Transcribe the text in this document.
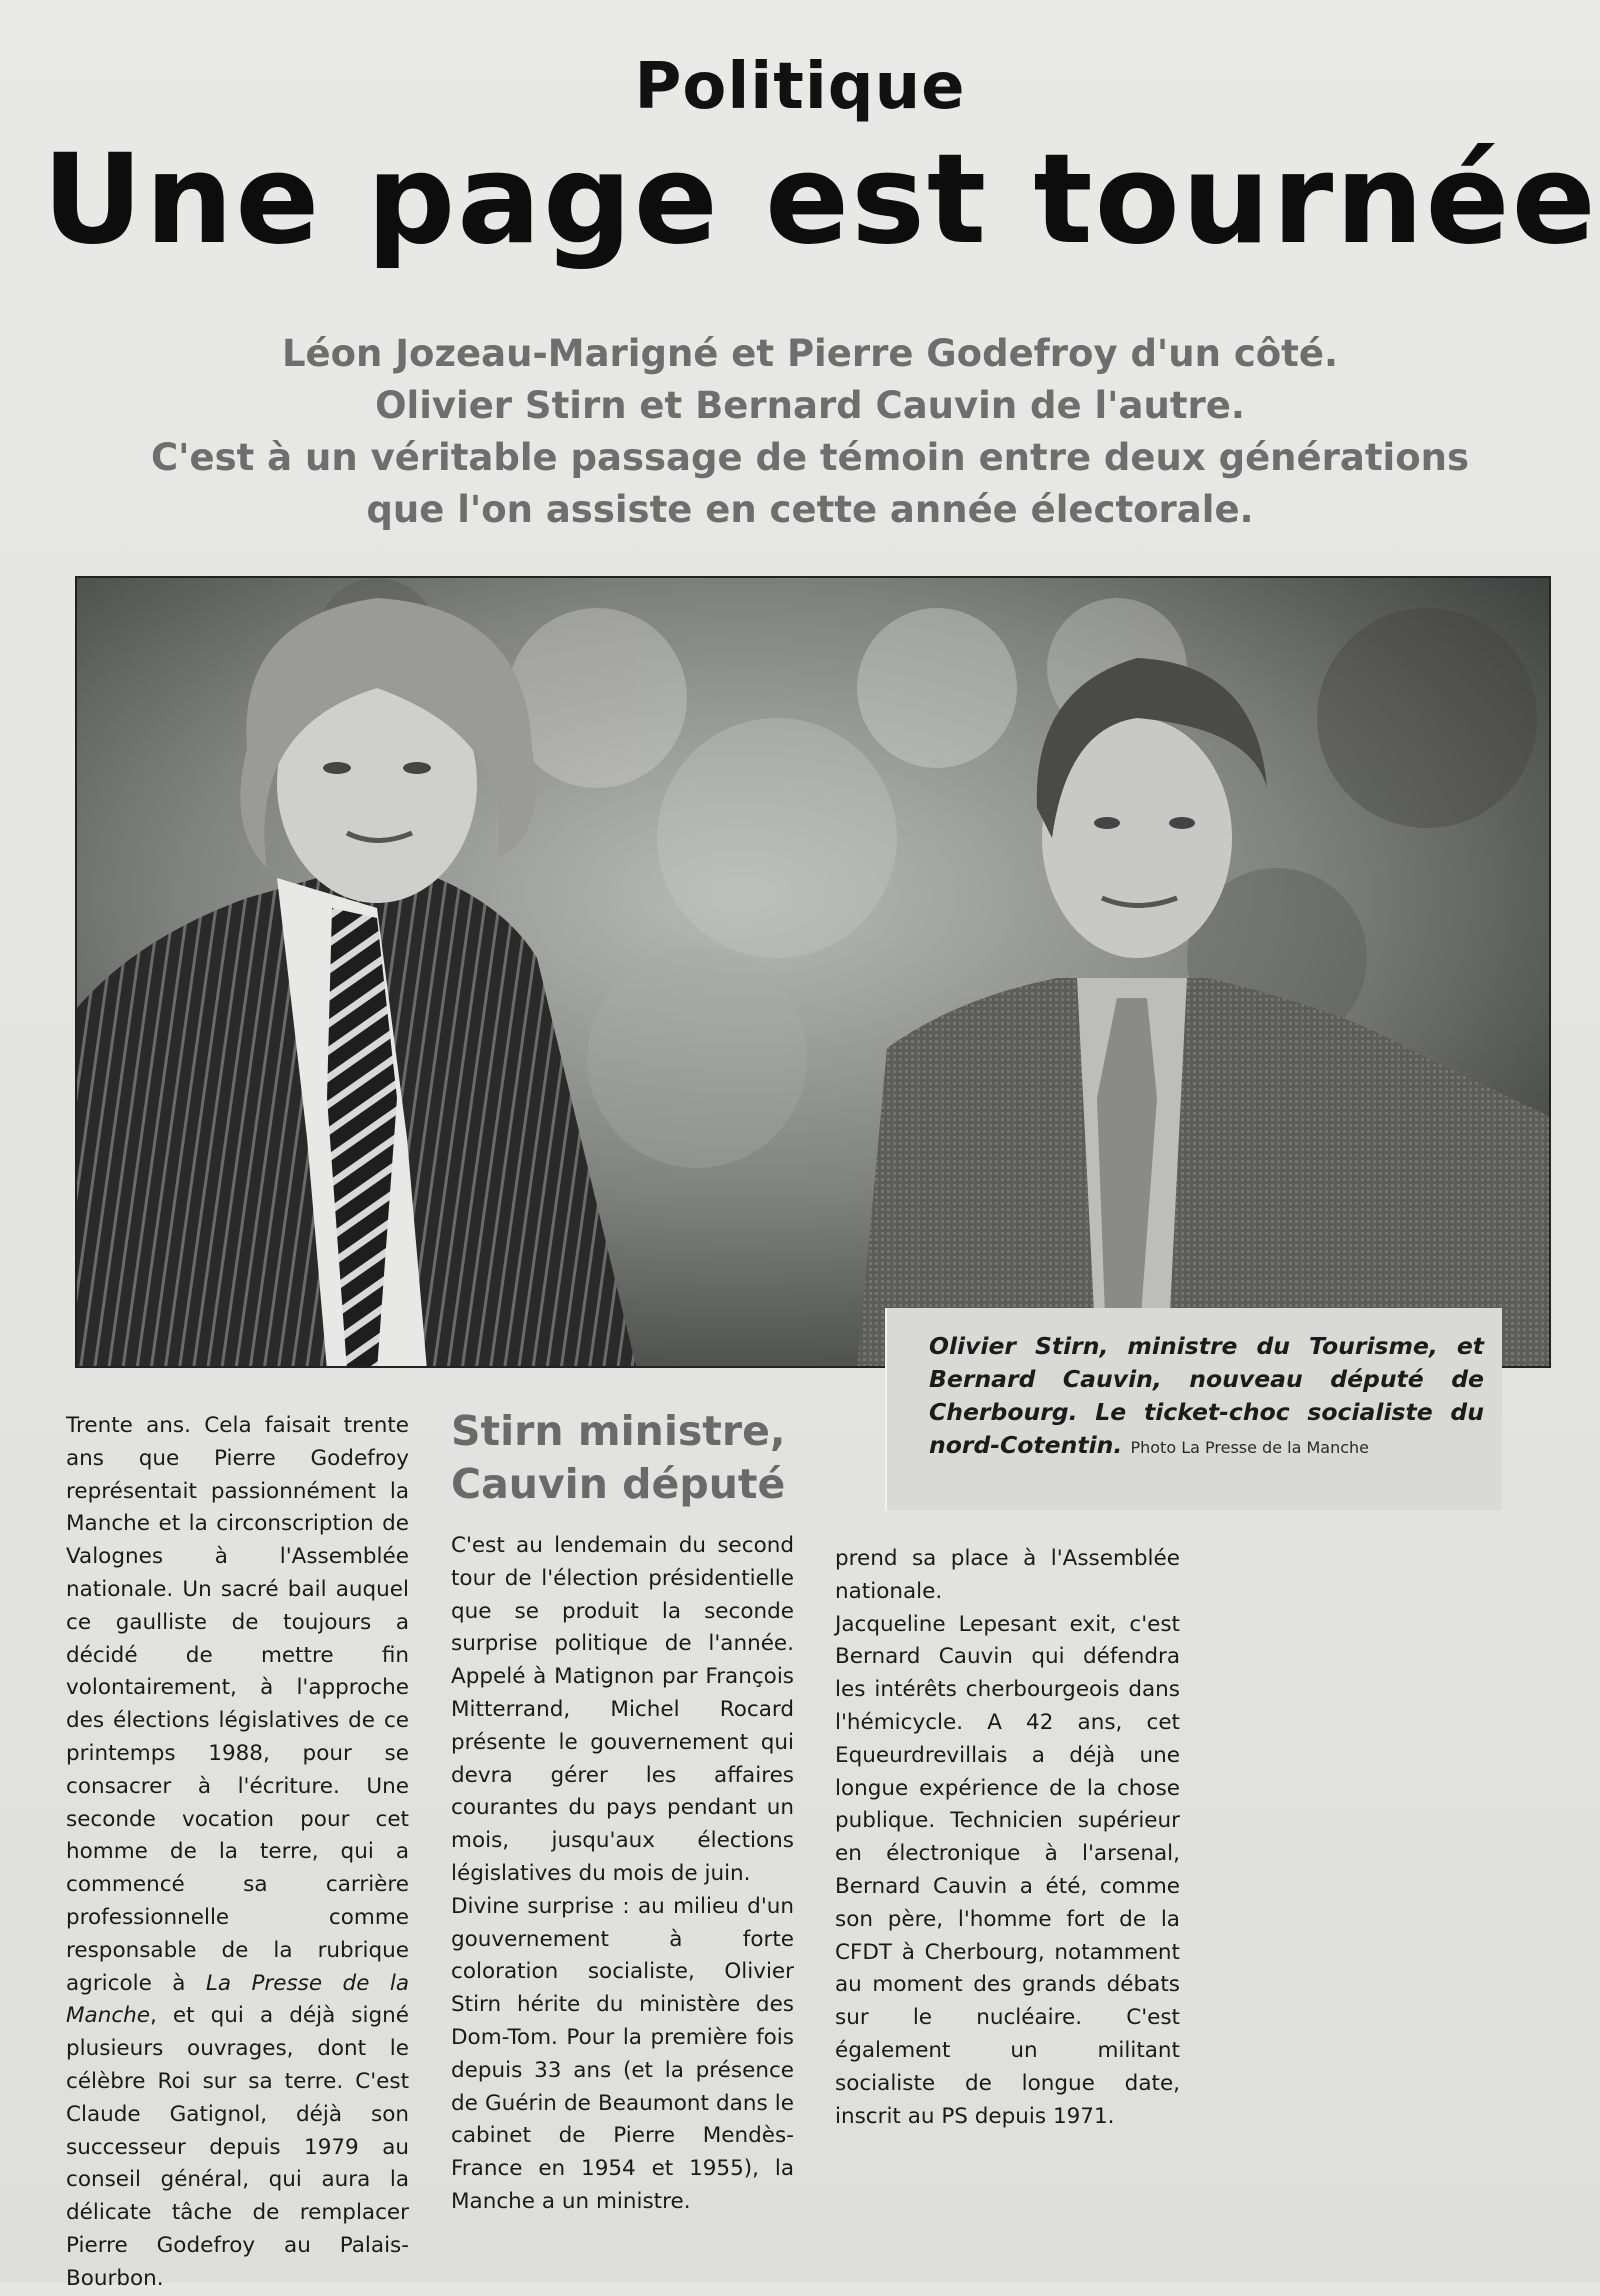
Politique
Une page est tournée
Léon Jozeau-Marigné et Pierre Godefroy d'un côté.
Olivier Stirn et Bernard Cauvin de l'autre.
C'est à un véritable passage de témoin entre deux générations
que l'on assiste en cette année électorale.
Olivier Stirn, ministre du Tourisme, et Bernard Cauvin, nouveau député de Cherbourg. Le ticket-choc socialiste du nord-Cotentin. Photo La Presse de la Manche

Trente ans. Cela faisait trente ans que Pierre Godefroy représentait passionnément la Manche et la circonscription de Valognes à l'Assemblée nationale. Un sacré bail auquel ce gaulliste de toujours a décidé de mettre fin volontairement, à l'approche des élections législatives de ce printemps 1988, pour se consacrer à l'écriture. Une seconde vocation pour cet homme de la terre, qui a commencé sa carrière professionnelle comme responsable de la rubrique agricole à La Presse de la Manche, et qui a déjà signé plusieurs ouvrages, dont le célèbre Roi sur sa terre. C'est Claude Gatignol, déjà son successeur depuis 1979 au conseil général, qui aura la délicate tâche de remplacer Pierre Godefroy au Palais-Bourbon.

Stirn ministre,
Cauvin député

C'est au lendemain du second tour de l'élection présidentielle que se produit la seconde surprise politique de l'année. Appelé à Matignon par François Mitterrand, Michel Rocard présente le gouvernement qui devra gérer les affaires courantes du pays pendant un mois, jusqu'aux élections législatives du mois de juin.

Divine surprise : au milieu d'un gouvernement à forte coloration socialiste, Olivier Stirn hérite du ministère des Dom-Tom. Pour la première fois depuis 33 ans (et la présence de Guérin de Beaumont dans le cabinet de Pierre Mendès-France en 1954 et 1955), la Manche a un ministre.

prend sa place à l'Assemblée nationale.

Jacqueline Lepesant exit, c'est Bernard Cauvin qui défendra les intérêts cherbourgeois dans l'hémicycle. A 42 ans, cet Equeurdrevillais a déjà une longue expérience de la chose publique. Technicien supérieur en électronique à l'arsenal, Bernard Cauvin a été, comme son père, l'homme fort de la CFDT à Cherbourg, notamment au moment des grands débats sur le nucléaire. C'est également un militant socialiste de longue date, inscrit au PS depuis 1971.
